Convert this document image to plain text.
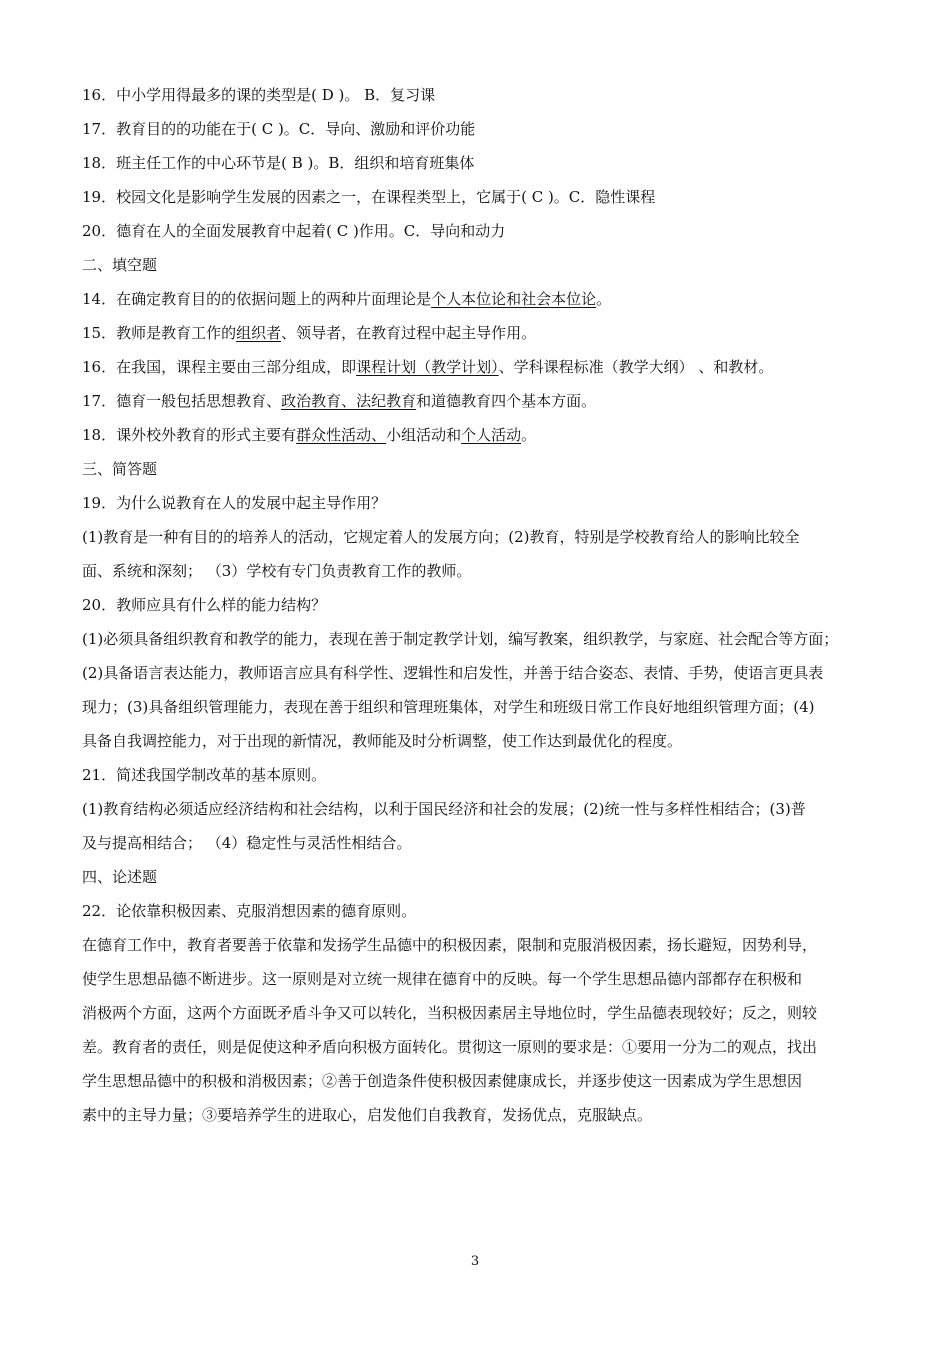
16．中小学用得最多的课的类型是( D )。 B．复习课
17．教育目的的功能在于( C )。C．导向、激励和评价功能
18．班主任工作的中心环节是( B )。B．组织和培育班集体
19．校园文化是影响学生发展的因素之一，在课程类型上，它属于( C )。C．隐性课程
20．德育在人的全面发展教育中起着( C )作用。C．导向和动力
二、填空题
14．在确定教育目的的依据问题上的两种片面理论是个人本位论和社会本位论。
15．教师是教育工作的组织者、领导者，在教育过程中起主导作用。
16．在我国，课程主要由三部分组成，即课程计划（教学计划）、学科课程标准（教学大纲） 、和教材。
17．德育一般包括思想教育、政治教育、法纪教育和道德教育四个基本方面。
18．课外校外教育的形式主要有群众性活动、小组活动和个人活动。
三、简答题
19．为什么说教育在人的发展中起主导作用？
(1)教育是一种有目的的培养人的活动，它规定着人的发展方向；(2)教育，特别是学校教育给人的影响比较全
面、系统和深刻； （3）学校有专门负责教育工作的教师。
20．教师应具有什么样的能力结构？
(1)必须具备组织教育和教学的能力，表现在善于制定教学计划，编写教案，组织教学，与家庭、社会配合等方面；
(2)具备语言表达能力，教师语言应具有科学性、逻辑性和启发性，并善于结合姿态、表情、手势，使语言更具表
现力；(3)具备组织管理能力，表现在善于组织和管理班集体，对学生和班级日常工作良好地组织管理方面；(4)
具备自我调控能力，对于出现的新情况，教师能及时分析调整，使工作达到最优化的程度。
21．简述我国学制改革的基本原则。
(1)教育结构必须适应经济结构和社会结构，以利于国民经济和社会的发展；(2)统一性与多样性相结合；(3)普
及与提高相结合； （4）稳定性与灵活性相结合。
四、论述题
22．论依靠积极因素、克服消想因素的德育原则。
在德育工作中，教育者要善于依靠和发扬学生品德中的积极因素，限制和克服消极因素，扬长避短，因势利导，
使学生思想品德不断进步。这一原则是对立统一规律在德育中的反映。每一个学生思想品德内部都存在积极和
消极两个方面，这两个方面既矛盾斗争又可以转化，当积极因素居主导地位时，学生品德表现较好；反之，则较
差。教育者的责任，则是促使这种矛盾向积极方面转化。贯彻这一原则的要求是：①要用一分为二的观点，找出
学生思想品德中的积极和消极因素；②善于创造条件使积极因素健康成长，并逐步使这一因素成为学生思想因
素中的主导力量；③要培养学生的进取心，启发他们自我教育，发扬优点，克服缺点。
3
